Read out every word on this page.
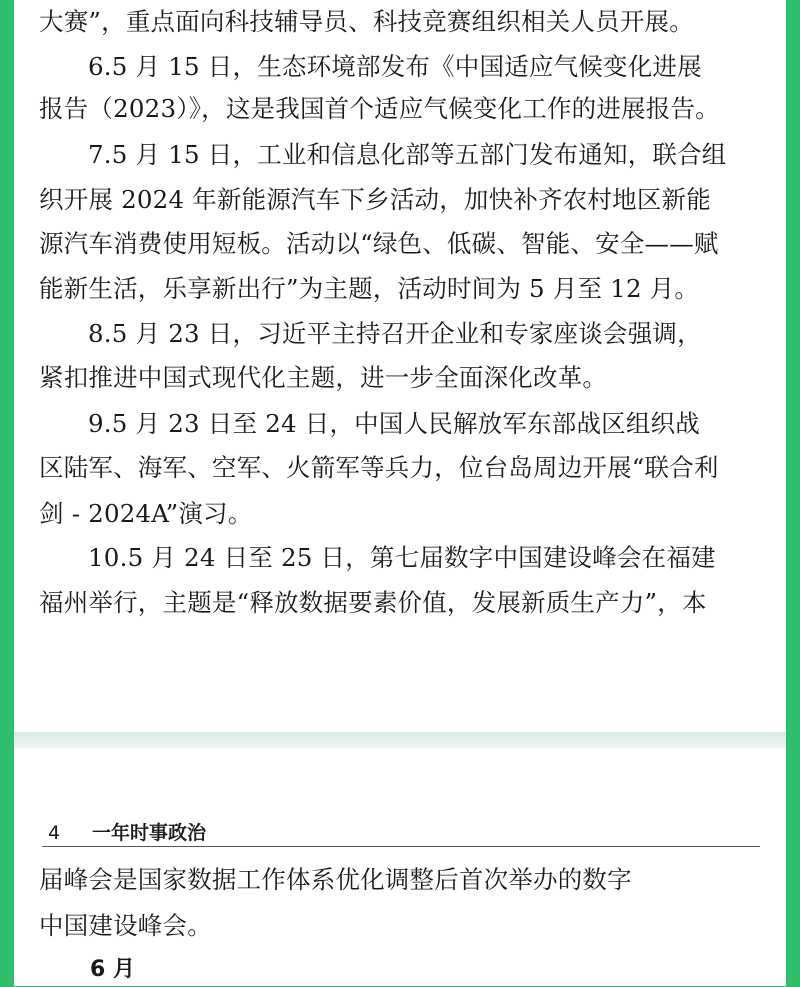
大赛”，重点面向科技辅导员、科技竞赛组织相关人员开展。
6.5 月 15 日，生态环境部发布《中国适应气候变化进展
报告（2023）》，这是我国首个适应气候变化工作的进展报告。
7.5 月 15 日，工业和信息化部等五部门发布通知，联合组
织开展 2024 年新能源汽车下乡活动，加快补齐农村地区新能
源汽车消费使用短板。活动以“绿色、低碳、智能、安全——赋
能新生活，乐享新出行”为主题，活动时间为 5 月至 12 月。
8.5 月 23 日，习近平主持召开企业和专家座谈会强调，
紧扣推进中国式现代化主题，进一步全面深化改革。
9.5 月 23 日至 24 日，中国人民解放军东部战区组织战
区陆军、海军、空军、火箭军等兵力，位台岛周边开展“联合利
剑 - 2024A”演习。
10.5 月 24 日至 25 日，第七届数字中国建设峰会在福建
福州举行，主题是“释放数据要素价值，发展新质生产力”，本
4 一年时事政治
届峰会是国家数据工作体系优化调整后首次举办的数字
中国建设峰会。
6 月
